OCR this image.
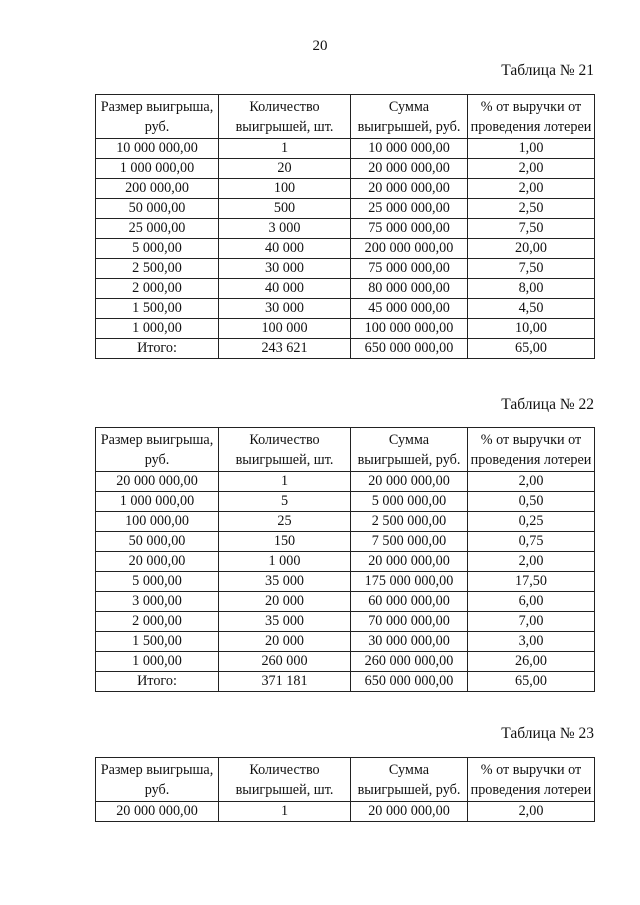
20
Таблица № 21
Размер выигрыша, руб.	Количество выигрышей, шт.	Сумма выигрышей, руб.	% от выручки от проведения лотереи
10 000 000,00	1	10 000 000,00	1,00
1 000 000,00	20	20 000 000,00	2,00
200 000,00	100	20 000 000,00	2,00
50 000,00	500	25 000 000,00	2,50
25 000,00	3 000	75 000 000,00	7,50
5 000,00	40 000	200 000 000,00	20,00
2 500,00	30 000	75 000 000,00	7,50
2 000,00	40 000	80 000 000,00	8,00
1 500,00	30 000	45 000 000,00	4,50
1 000,00	100 000	100 000 000,00	10,00
Итого:	243 621	650 000 000,00	65,00
Таблица № 22
Размер выигрыша, руб.	Количество выигрышей, шт.	Сумма выигрышей, руб.	% от выручки от проведения лотереи
20 000 000,00	1	20 000 000,00	2,00
1 000 000,00	5	5 000 000,00	0,50
100 000,00	25	2 500 000,00	0,25
50 000,00	150	7 500 000,00	0,75
20 000,00	1 000	20 000 000,00	2,00
5 000,00	35 000	175 000 000,00	17,50
3 000,00	20 000	60 000 000,00	6,00
2 000,00	35 000	70 000 000,00	7,00
1 500,00	20 000	30 000 000,00	3,00
1 000,00	260 000	260 000 000,00	26,00
Итого:	371 181	650 000 000,00	65,00
Таблица № 23
Размер выигрыша, руб.	Количество выигрышей, шт.	Сумма выигрышей, руб.	% от выручки от проведения лотереи
20 000 000,00	1	20 000 000,00	2,00
